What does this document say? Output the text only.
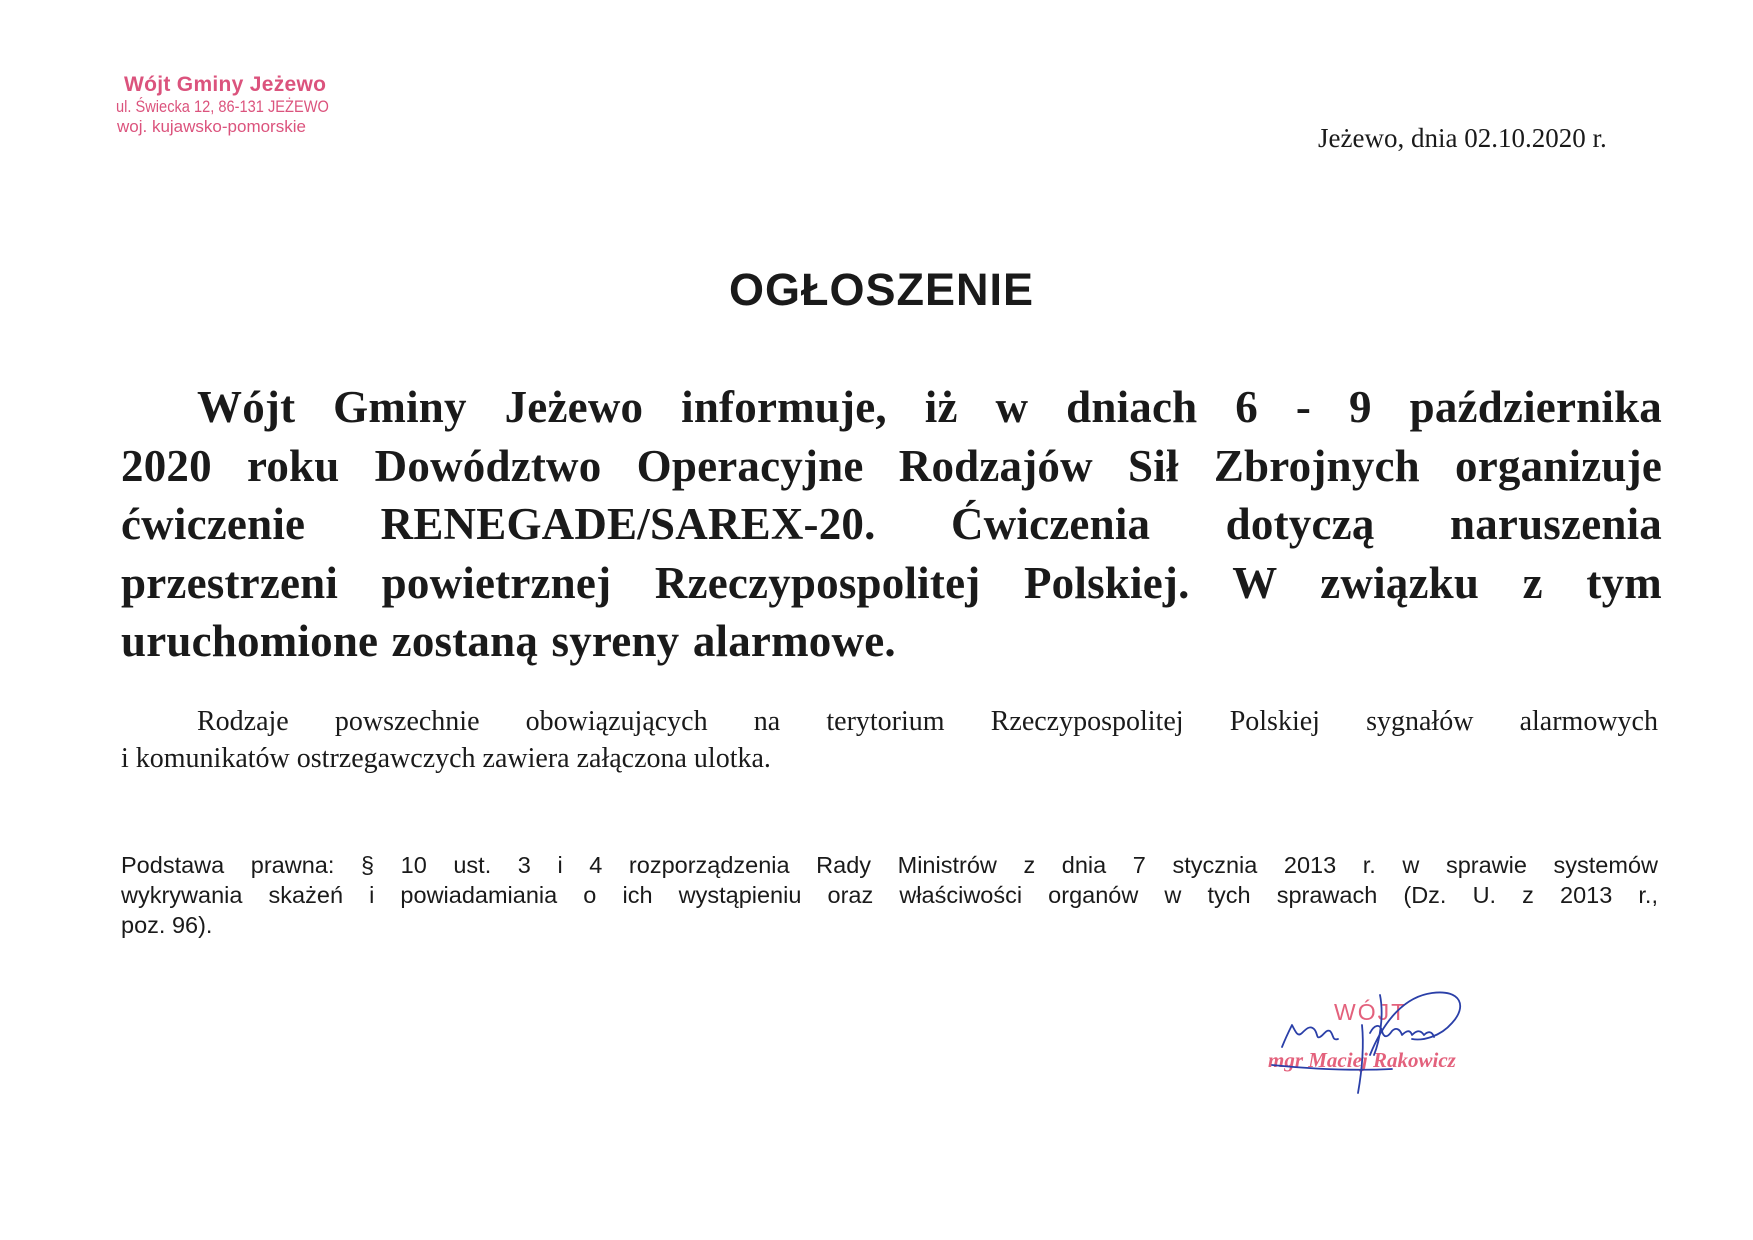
Wójt Gminy Jeżewo
ul. Świecka 12, 86-131 JEŻEWO
woj. kujawsko-pomorskie	Jeżewo, dnia 02.10.2020 r.
OGŁOSZENIE

Wójt Gminy Jeżewo informuje, iż w dniach 6 - 9 października
2020 roku Dowództwo Operacyjne Rodzajów Sił Zbrojnych organizuje
ćwiczenie RENEGADE/SAREX-20. Ćwiczenia dotyczą naruszenia
przestrzeni powietrznej Rzeczypospolitej Polskiej. W związku z tym
uruchomione zostaną syreny alarmowe.

Rodzaje powszechnie obowiązujących na terytorium Rzeczypospolitej Polskiej sygnałów alarmowych
i komunikatów ostrzegawczych zawiera załączona ulotka.

Podstawa prawna: § 10 ust. 3 i 4 rozporządzenia Rady Ministrów z dnia 7 stycznia 2013 r. w sprawie systemów
wykrywania skażeń i powiadamiania o ich wystąpieniu oraz właściwości organów w tych sprawach (Dz. U. z 2013 r.,
poz. 96).

WÓJT
mgr Maciej Rakowicz
